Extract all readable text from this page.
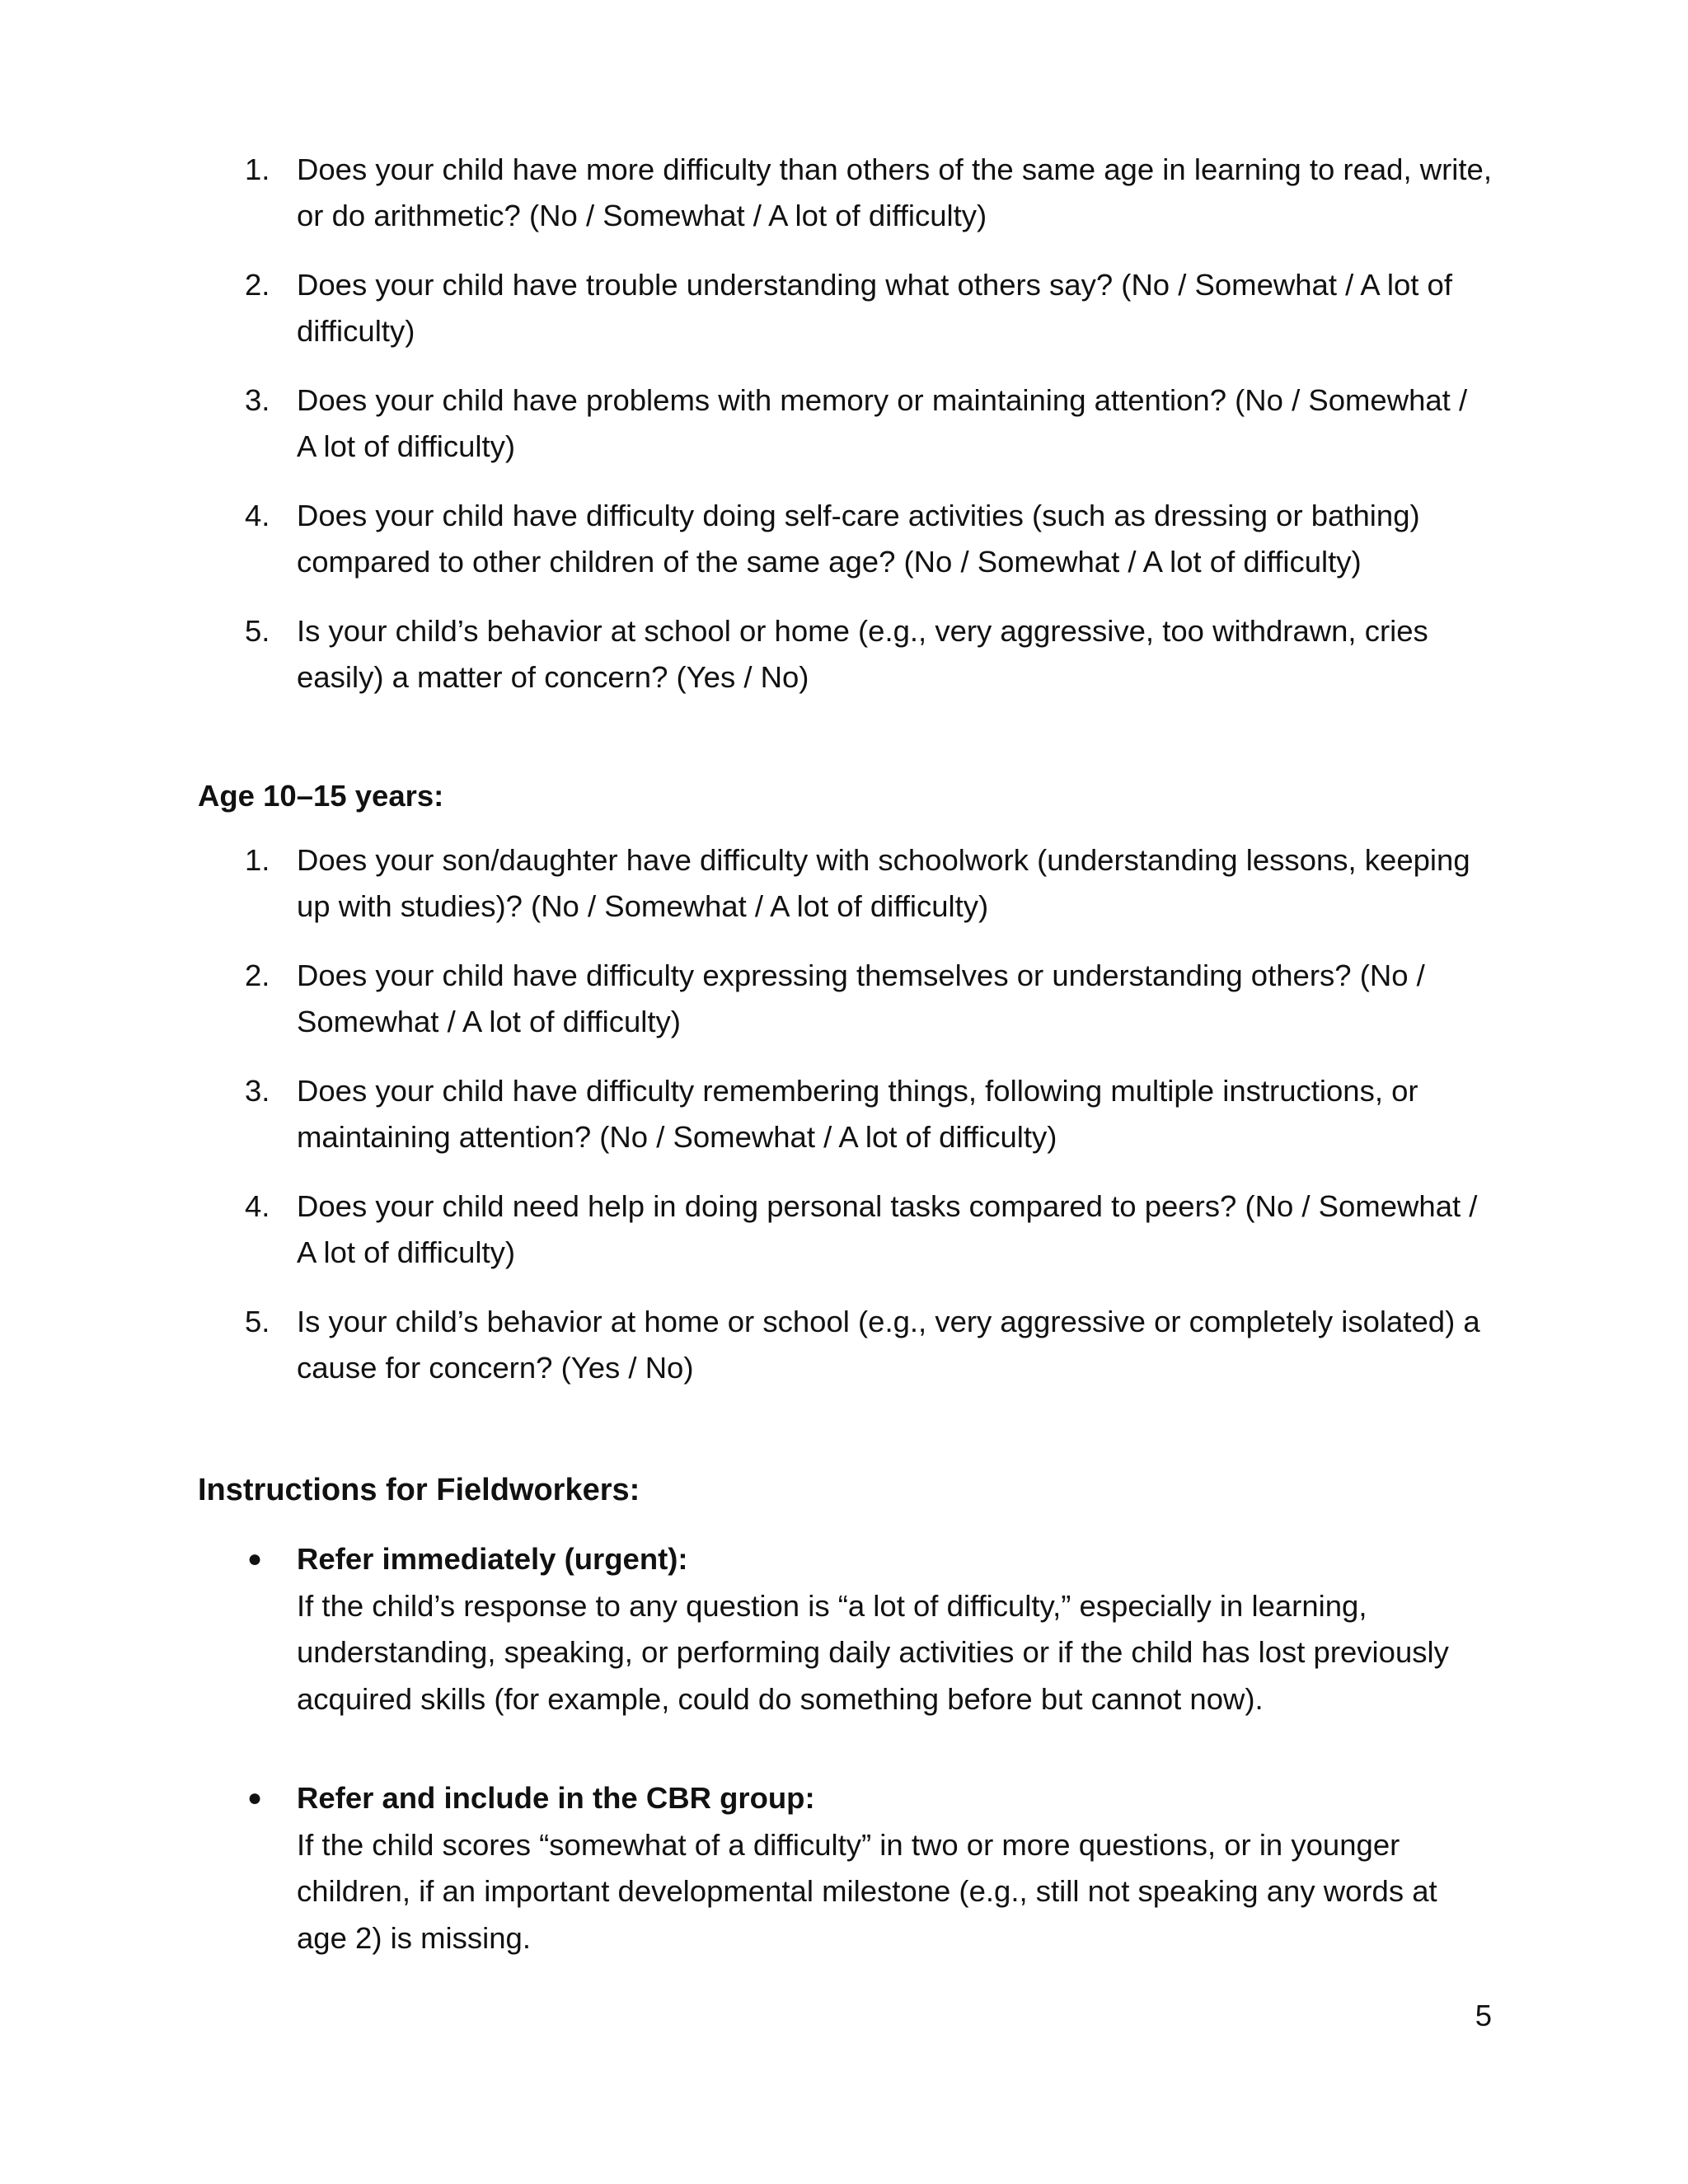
1. Does your child have more difficulty than others of the same age in learning to read, write, or do arithmetic? (No / Somewhat / A lot of difficulty)
2. Does your child have trouble understanding what others say? (No / Somewhat / A lot of difficulty)
3. Does your child have problems with memory or maintaining attention? (No / Somewhat / A lot of difficulty)
4. Does your child have difficulty doing self-care activities (such as dressing or bathing) compared to other children of the same age? (No / Somewhat / A lot of difficulty)
5. Is your child’s behavior at school or home (e.g., very aggressive, too withdrawn, cries easily) a matter of concern? (Yes / No)
Age 10–15 years:
1. Does your son/daughter have difficulty with schoolwork (understanding lessons, keeping up with studies)? (No / Somewhat / A lot of difficulty)
2. Does your child have difficulty expressing themselves or understanding others? (No / Somewhat / A lot of difficulty)
3. Does your child have difficulty remembering things, following multiple instructions, or maintaining attention? (No / Somewhat / A lot of difficulty)
4. Does your child need help in doing personal tasks compared to peers? (No / Somewhat / A lot of difficulty)
5. Is your child’s behavior at home or school (e.g., very aggressive or completely isolated) a cause for concern? (Yes / No)
Instructions for Fieldworkers:
● Refer immediately (urgent):
If the child’s response to any question is “a lot of difficulty,” especially in learning, understanding, speaking, or performing daily activities or if the child has lost previously acquired skills (for example, could do something before but cannot now).
● Refer and include in the CBR group:
If the child scores “somewhat of a difficulty” in two or more questions, or in younger children, if an important developmental milestone (e.g., still not speaking any words at age 2) is missing.
5
